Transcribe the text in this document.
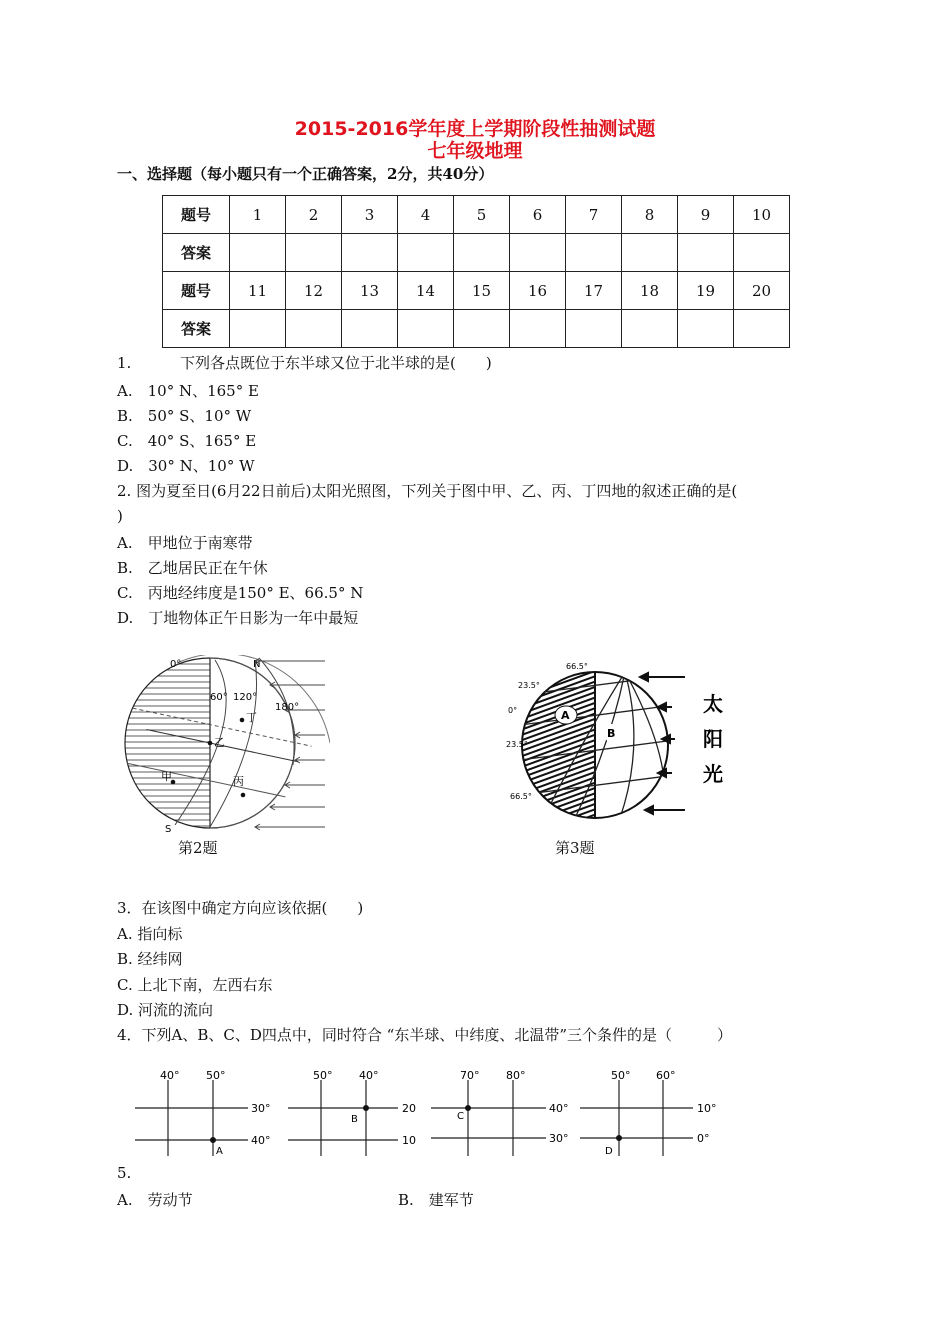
2015-2016学年度上学期阶段性抽测试题
七年级地理
一、选择题（每小题只有一个正确答案，2分，共40分）
题号	1	2	3	4	5	6	7	8	9	10
答案										
题号	11	12	13	14	15	16	17	18	19	20
答案										
1.	下列各点既位于东半球又位于北半球的是(　　)
A.　10° N、165° E
B.　50° S、10° W
C.　40° S、165° E
D.　30° N、10° W
2. 图为夏至日(6月22日前后)太阳光照图，下列关于图中甲、乙、丙、丁四地的叙述正确的是(
)
A.　甲地位于南寒带
B.　乙地居民正在午休
C.　丙地经纬度是150° E、66.5° N
D.　丁地物体正午日影为一年中最短
0°
60° 120°
180°
N
S
丁
乙
甲	丙
第2题
A
B
66.5°
23.5°
0°
23.5°
66.5°
太
阳
光
第3题
3．在该图中确定方向应该依据(　　)
A. 指向标
B. 经纬网
C. 上北下南，左西右东
D. 河流的流向
4．下列A、B、C、D四点中，同时符合 “东半球、中纬度、北温带”三个条件的是（　　　）
40° 50°
30°
40°
A
50° 40°
20
10
B
70° 80°
40°
30°
C
50° 60°
10°
0°
D
5.
A.　劳动节	B.　建军节
